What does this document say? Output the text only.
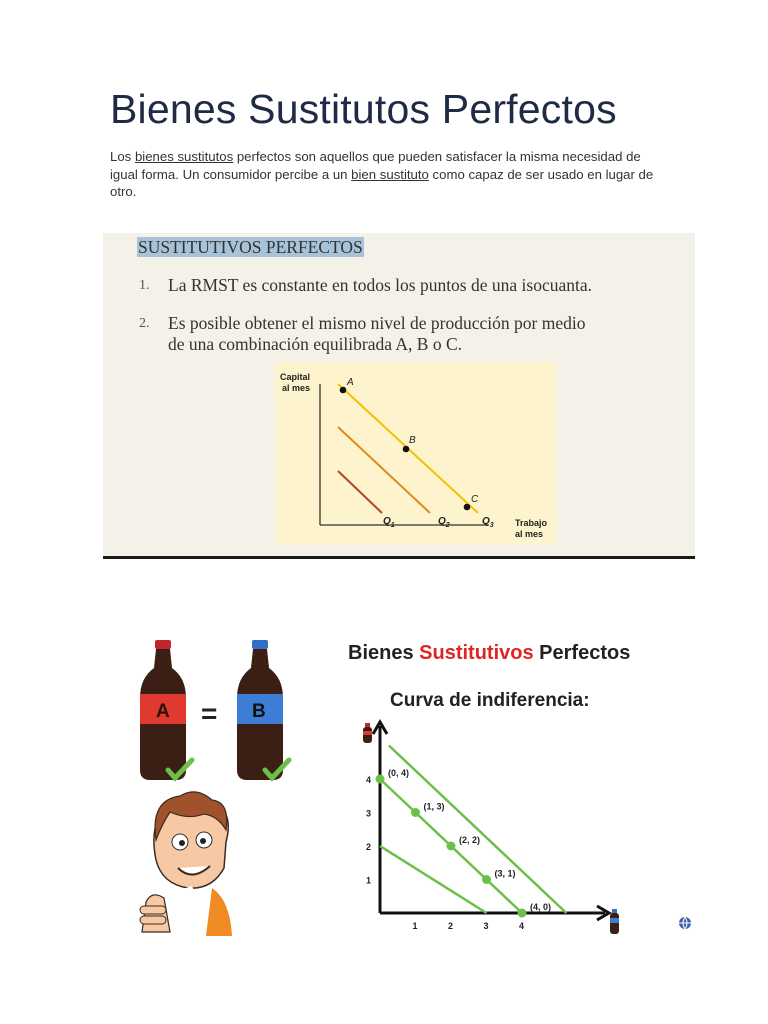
Bienes Sustitutos Perfectos

Los bienes sustitutos perfectos son aquellos que pueden satisfacer la misma necesidad de igual forma. Un consumidor percibe a un bien sustituto como capaz de ser usado en lugar de otro.

SUSTITUTIVOS PERFECTOS
1. La RMST es constante en todos los puntos de una isocuanta.
2. Es posible obtener el mismo nivel de producción por medio
de una combinación equilibrada A, B o C.
Capital
al mes
Trabajo
al mes
A
B
C
$Q_1$	$Q_2$	$Q_3$
Bienes Sustitutivos Perfectos
Curva de indiferencia:
A = B
(0, 4)
(1, 3)
(2, 2)
(3, 1)
(4, 0)
1	2	3	4
1
2
3
4
